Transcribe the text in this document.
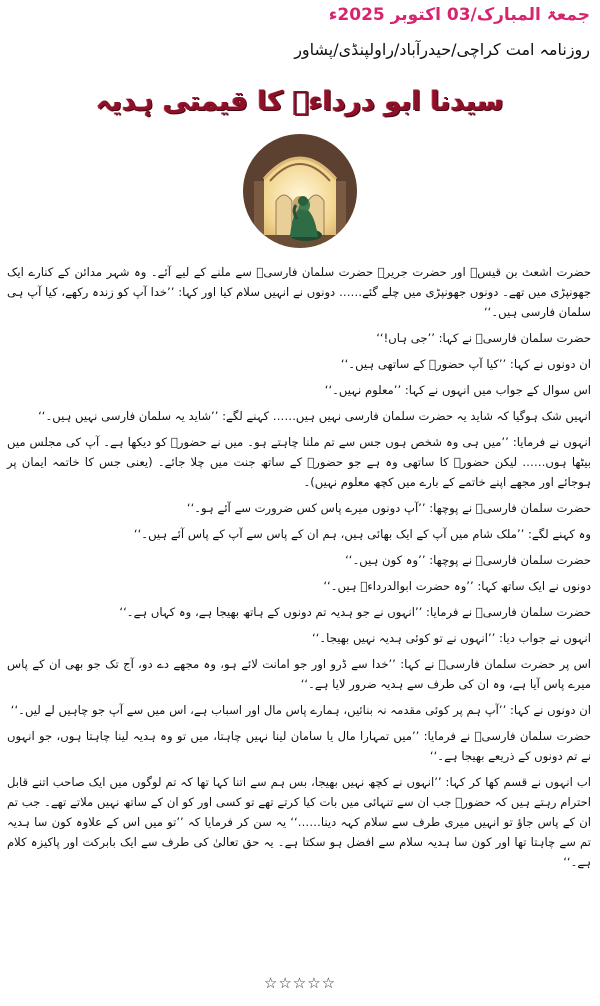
جمعۃ المبارک/03 اکتوبر 2025ء
روزنامہ امت کراچی/حیدرآباد/راولپنڈی/پشاور
سیدنا ابو درداءؓ کا قیمتی ہدیہ

حضرت اشعث بن قیسؒ اور حضرت جریرؒ حضرت سلمان فارسیؓ سے ملنے کے لیے آئے۔ وہ شہر مدائن کے کنارے ایک جھونپڑی میں تھے۔ دونوں جھونپڑی میں چلے گئے…… دونوں نے انہیں سلام کیا اور کہا: ’’خدا آپ کو زندہ رکھے، کیا آپ ہی سلمان فارسی ہیں۔‘‘

حضرت سلمان فارسیؓ نے کہا: ’’جی ہاں!‘‘

ان دونوں نے کہا: ’’کیا آپ حضورؐ کے ساتھی ہیں۔‘‘

اس سوال کے جواب میں انہوں نے کہا: ’’معلوم نہیں۔‘‘

انہیں شک ہوگیا کہ شاید یہ حضرت سلمان فارسی نہیں ہیں…… کہنے لگے: ’’شاید یہ سلمان فارسی نہیں ہیں۔‘‘

انہوں نے فرمایا: ’’میں ہی وہ شخص ہوں جس سے تم ملنا چاہتے ہو۔ میں نے حضورؐ کو دیکھا ہے۔ آپ کی مجلس میں بیٹھا ہوں…… لیکن حضورؐ کا ساتھی وہ ہے جو حضورؐ کے ساتھ جنت میں چلا جائے۔ (یعنی جس کا خاتمہ ایمان پر ہوجائے اور مجھے اپنے خاتمے کے بارے میں کچھ معلوم نہیں)۔

حضرت سلمان فارسیؓ نے پوچھا: ’’آپ دونوں میرے پاس کس ضرورت سے آئے ہو۔‘‘

وہ کہنے لگے: ’’ملک شام میں آپ کے ایک بھائی ہیں، ہم ان کے پاس سے آپ کے پاس آئے ہیں۔‘‘

حضرت سلمان فارسیؓ نے پوچھا: ’’وہ کون ہیں۔‘‘

دونوں نے ایک ساتھ کہا: ’’وہ حضرت ابوالدرداءؓ ہیں۔‘‘

حضرت سلمان فارسیؓ نے فرمایا: ’’انہوں نے جو ہدیہ تم دونوں کے ہاتھ بھیجا ہے، وہ کہاں ہے۔‘‘

انہوں نے جواب دیا: ’’انہوں نے تو کوئی ہدیہ نہیں بھیجا۔‘‘

اس پر حضرت سلمان فارسیؓ نے کہا: ’’خدا سے ڈرو اور جو امانت لائے ہو، وہ مجھے دے دو، آج تک جو بھی ان کے پاس میرے پاس آیا ہے، وہ ان کی طرف سے ہدیہ ضرور لایا ہے۔‘‘

ان دونوں نے کہا: ’’آپ ہم پر کوئی مقدمہ نہ بنائیں، ہمارے پاس مال اور اسباب ہے، اس میں سے آپ جو چاہیں لے لیں۔‘‘

حضرت سلمان فارسیؓ نے فرمایا: ’’میں تمہارا مال یا سامان لینا نہیں چاہتا، میں تو وہ ہدیہ لینا چاہتا ہوں، جو انہوں نے تم دونوں کے ذریعے بھیجا ہے۔‘‘

اب انہوں نے قسم کھا کر کہا: ’’انہوں نے کچھ نہیں بھیجا، بس ہم سے اتنا کہا تھا کہ تم لوگوں میں ایک صاحب اتنے قابل احترام رہتے ہیں کہ حضورؐ جب ان سے تنہائی میں بات کیا کرتے تھے تو کسی اور کو ان کے ساتھ نہیں ملاتے تھے۔ جب تم ان کے پاس جاؤ تو انہیں میری طرف سے سلام کہہ دینا……‘‘ یہ سن کر فرمایا کہ ’’تو میں اس کے علاوہ کون سا ہدیہ تم سے چاہتا تھا اور کون سا ہدیہ سلام سے افضل ہو سکتا ہے۔ یہ حق تعالیٰ کی طرف سے ایک بابرکت اور پاکیزہ کلام ہے۔‘‘

☆☆☆☆☆
